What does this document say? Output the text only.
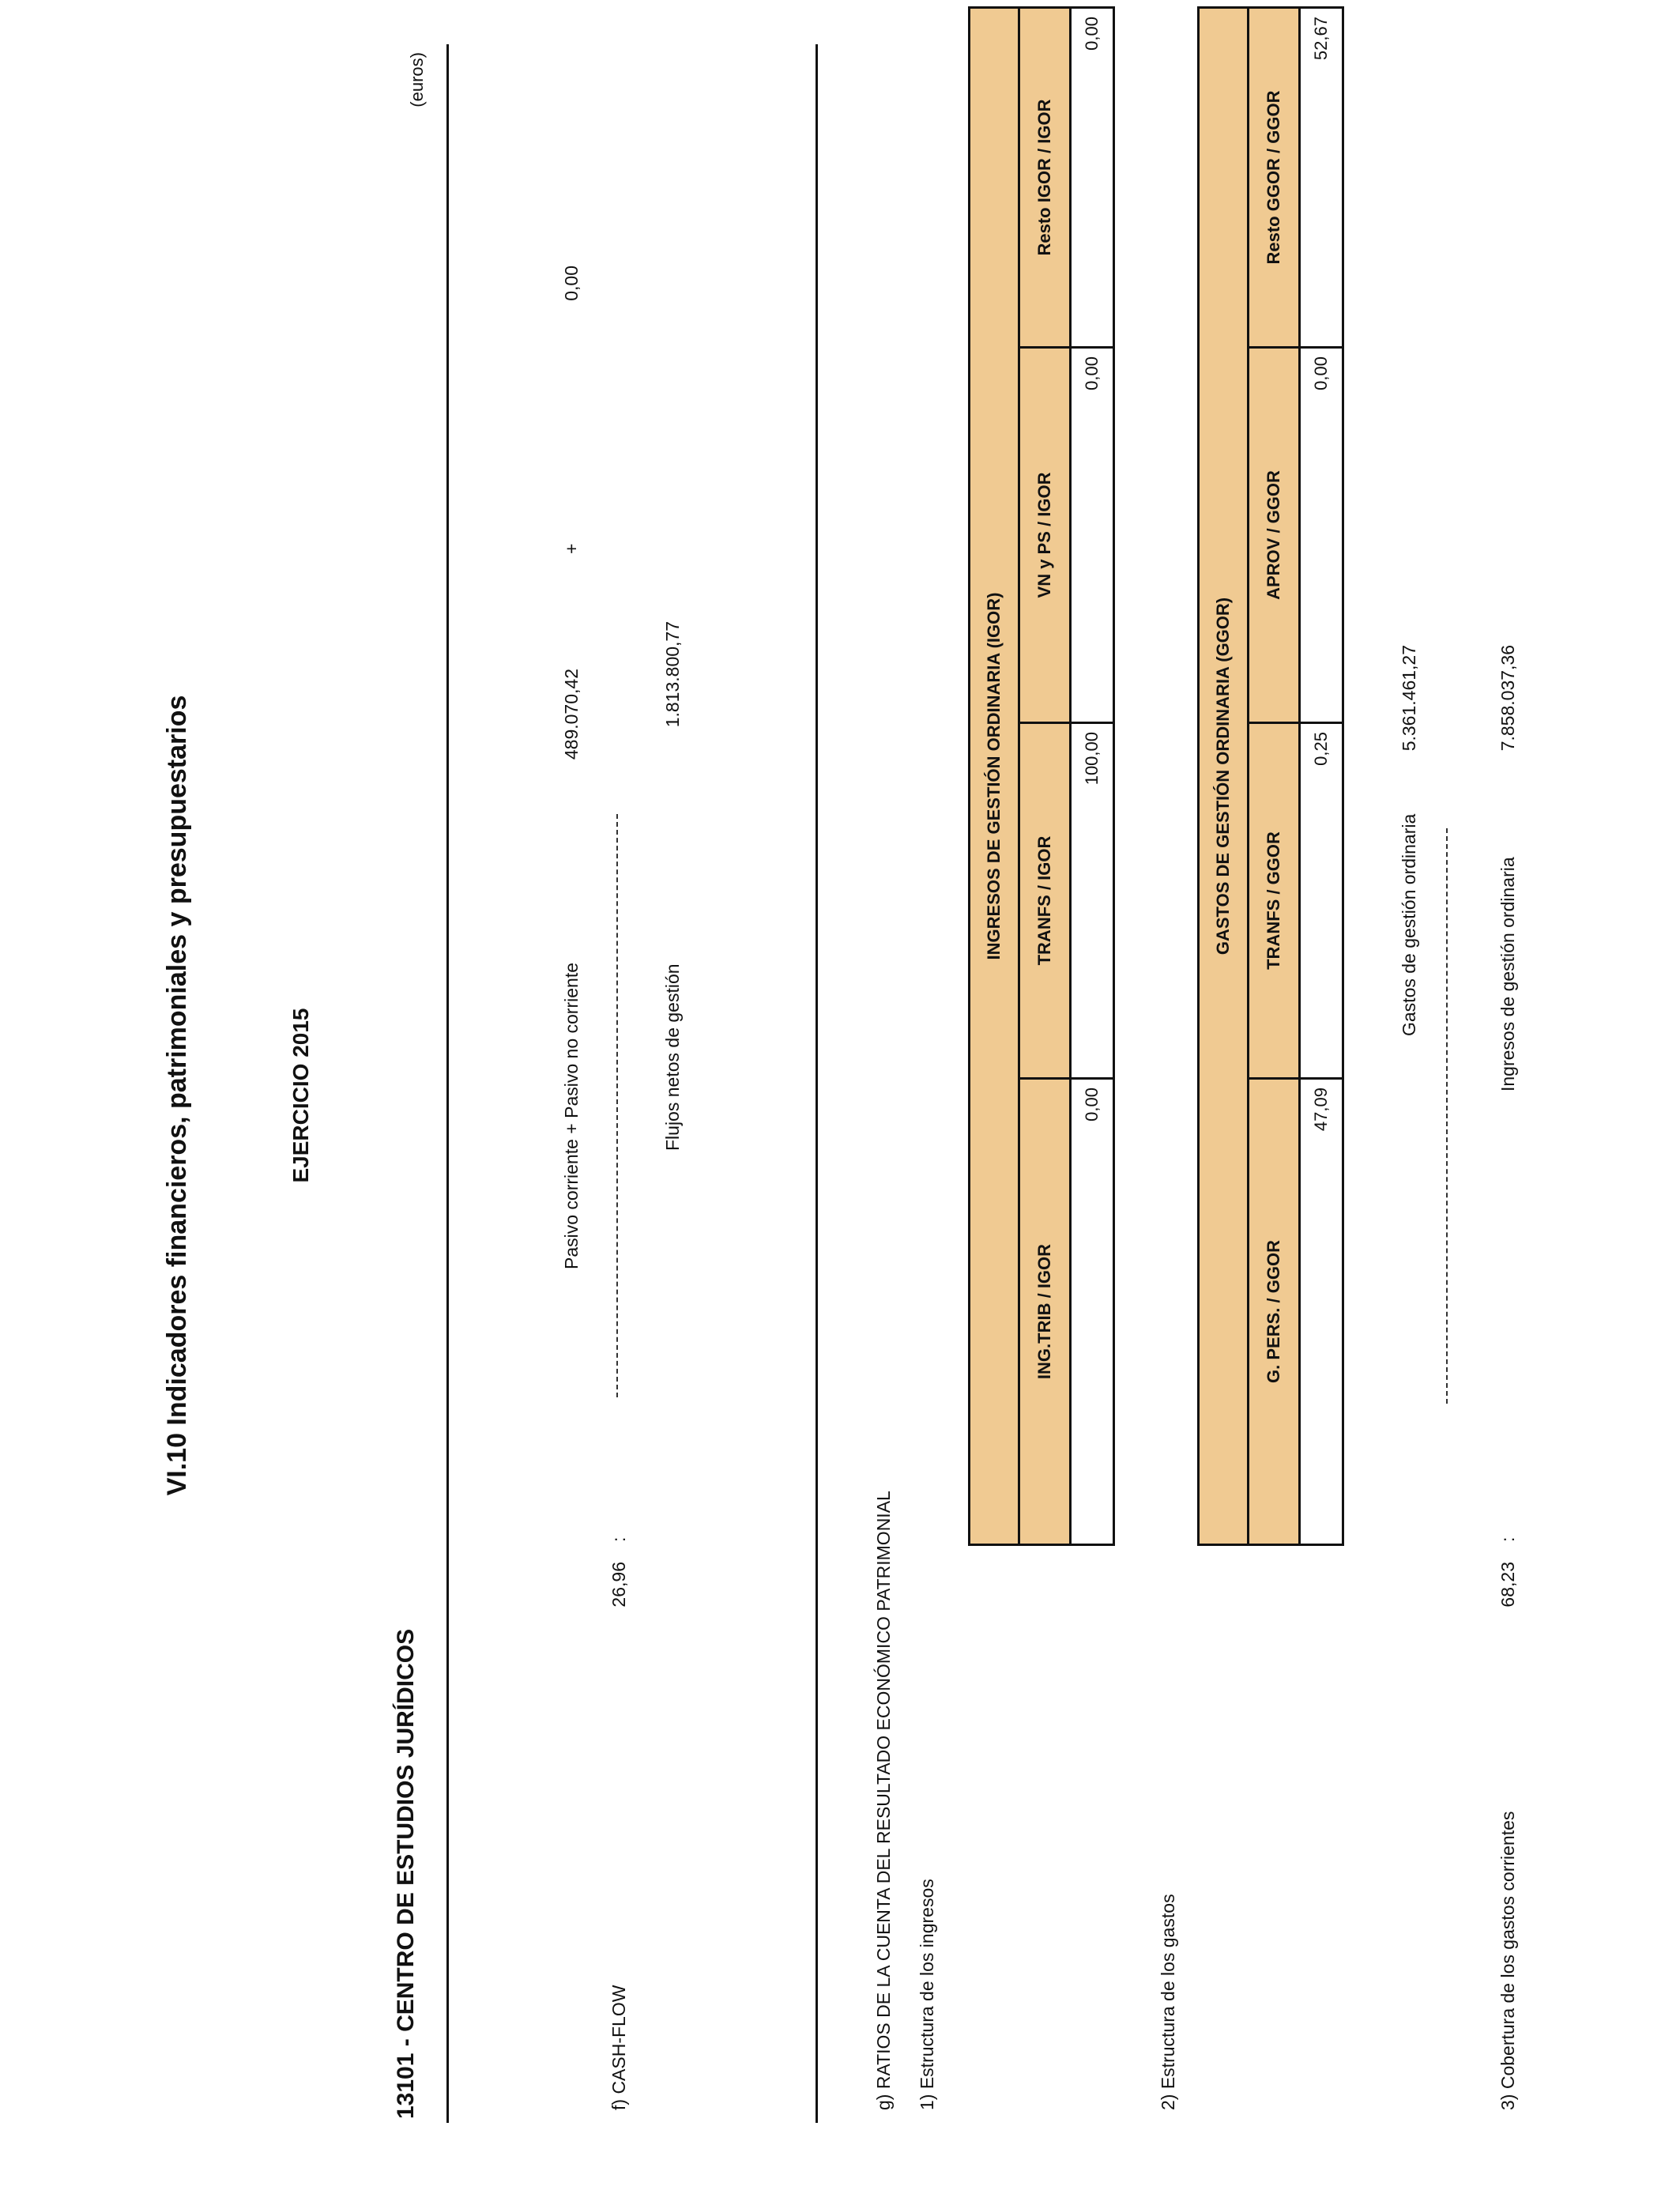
VI.10 Indicadores financieros, patrimoniales y presupuestarios	EJERCICIO 2015
13101 - CENTRO DE ESTUDIOS JURÍDICOS
(euros)
f) CASH-FLOW
26,96
:
Pasivo corriente + Pasivo no corriente	Flujos netos de gestión
489.070,42
+
0,00
1.813.800,77
g) RATIOS DE LA CUENTA DEL RESULTADO ECONÓMICO PATRIMONIAL 1) Estructura de los ingresos
INGRESOS DE GESTIÓN ORDINARIA (IGOR)			
ING.TRIB / IGOR	TRANFS / IGOR	VN y PS / IGOR	Resto IGOR / IGOR
0,00	100,00	0,00	0,00
2) Estructura de los gastos
GASTOS DE GESTIÓN ORDINARIA (GGOR)			
G. PERS. / GGOR	TRANFS / GGOR	APROV / GGOR	Resto GGOR / GGOR
47,09	0,25	0,00	52,67
Gastos de gestión ordinaria
5.361.461,27
3) Cobertura de los gastos corrientes
68,23
:
Ingresos de gestión ordinaria
7.858.037,36
